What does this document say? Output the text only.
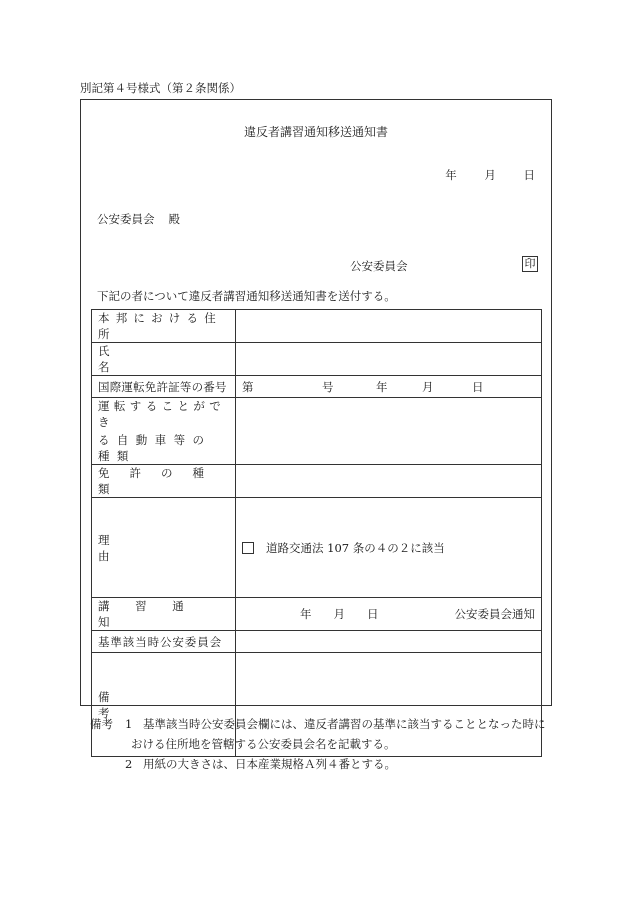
別記第４号様式（第２条関係）
違反者講習通知移送通知書
年 月 日
公安委員会 殿
公安委員会	印
下記の者について違反者講習通知移送通知書を送付する。
本邦における住所	

氏名	

国際運転免許証等の番号	第 号 年 月 日

運転することができ
る自動車等の種類	

免許の種類	
理由	道路交通法 107 条の４の２に該当

講習通知	年 月 日 公安委員会通知

基準該当時公安委員会	
備考	
備考	1 基準該当時公安委員会欄には、違反者講習の基準に該当することとなった時に
おける住所地を管轄する公安委員会名を記載する。
2 用紙の大きさは、日本産業規格Ａ列４番とする。
